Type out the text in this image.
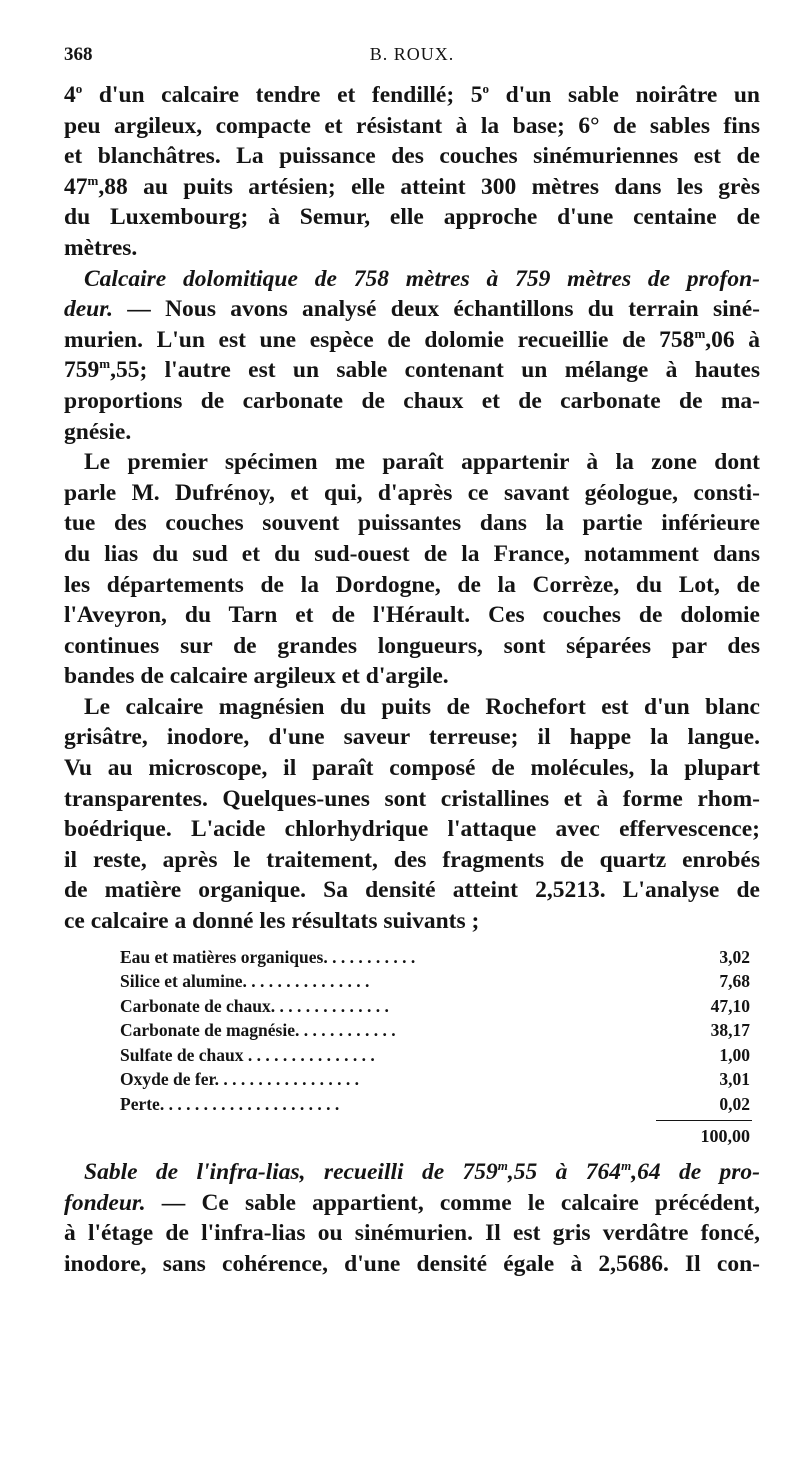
368	B. ROUX.
4$^o$ d'un calcaire tendre et fendillé; 5$^o$ d'un sable noirâtre un
peu argileux, compacte et résistant à la base; 6° de sables fins
et blanchâtres. La puissance des couches sinémuriennes est de
47$^m$,88 au puits artésien; elle atteint 300 mètres dans les grès
du Luxembourg; à Semur, elle approche d'une centaine de
mètres.
Calcaire dolomitique de 758 mètres à 759 mètres de profon-
deur. — Nous avons analysé deux échantillons du terrain siné-
murien. L'un est une espèce de dolomie recueillie de 758$^m$,06 à
759$^m$,55; l'autre est un sable contenant un mélange à hautes
proportions de carbonate de chaux et de carbonate de ma-
gnésie.
Le premier spécimen me paraît appartenir à la zone dont
parle M. Dufrénoy, et qui, d'après ce savant géologue, consti-
tue des couches souvent puissantes dans la partie inférieure
du lias du sud et du sud-ouest de la France, notamment dans
les départements de la Dordogne, de la Corrèze, du Lot, de
l'Aveyron, du Tarn et de l'Hérault. Ces couches de dolomie
continues sur de grandes longueurs, sont séparées par des
bandes de calcaire argileux et d'argile.
Le calcaire magnésien du puits de Rochefort est d'un blanc
grisâtre, inodore, d'une saveur terreuse; il happe la langue.
Vu au microscope, il paraît composé de molécules, la plupart
transparentes. Quelques-unes sont cristallines et à forme rhom-
boédrique. L'acide chlorhydrique l'attaque avec effervescence;
il reste, après le traitement, des fragments de quartz enrobés
de matière organique. Sa densité atteint 2,5213. L'analyse de
ce calcaire a donné les résultats suivants ;
Eau et matières organiques. . . . . . . . . . .	3,02
Silice et alumine. . . . . . . . . . . . . . .	7,68
Carbonate de chaux. . . . . . . . . . . . . .	47,10
Carbonate de magnésie. . . . . . . . . . . .	38,17
Sulfate de chaux . . . . . . . . . . . . . . .	1,00
Oxyde de fer. . . . . . . . . . . . . . . . .	3,01
Perte. . . . . . . . . . . . . . . . . . . . .	0,02
100,00
Sable de l'infra-lias, recueilli de 759$^m$,55 à 764$^m$,64 de pro-
fondeur. — Ce sable appartient, comme le calcaire précédent,
à l'étage de l'infra-lias ou sinémurien. Il est gris verdâtre foncé,
inodore, sans cohérence, d'une densité égale à 2,5686. Il con-
